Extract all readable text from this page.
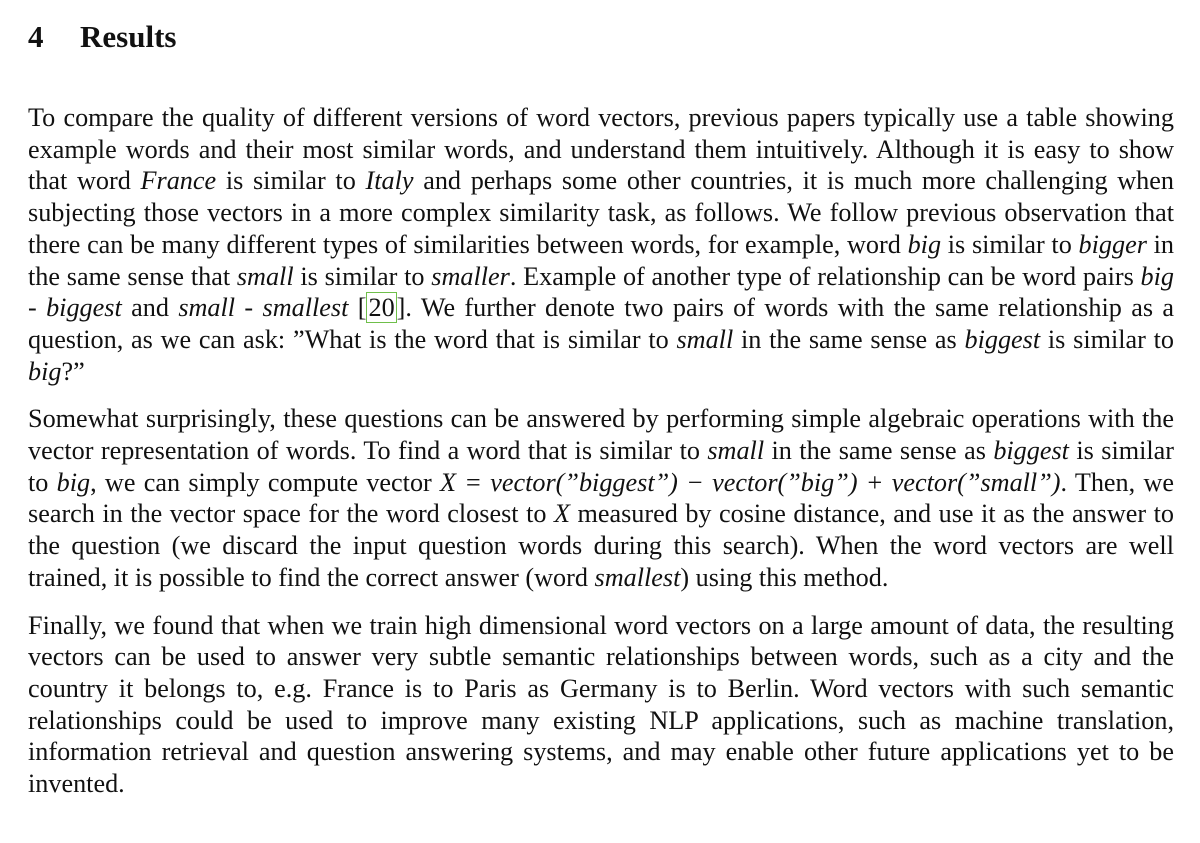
4	Results

To compare the quality of different versions of word vectors, previous papers typically use a table showing example words and their most similar words, and understand them intuitively. Although it is easy to show that word France is similar to Italy and perhaps some other countries, it is much more challenging when subjecting those vectors in a more complex similarity task, as follows. We follow previous observation that there can be many different types of similarities between words, for example, word big is similar to bigger in the same sense that small is similar to smaller. Example of another type of relationship can be word pairs big - biggest and small - smallest [20]. We further denote two pairs of words with the same relationship as a question, as we can ask: ”What is the word that is similar to small in the same sense as biggest is similar to big?”

Somewhat surprisingly, these questions can be answered by performing simple algebraic operations with the vector representation of words. To find a word that is similar to small in the same sense as biggest is similar to big, we can simply compute vector X = vector(”biggest”) − vector(”big”) + vector(”small”). Then, we search in the vector space for the word closest to X measured by cosine distance, and use it as the answer to the question (we discard the input question words during this search). When the word vectors are well trained, it is possible to find the correct answer (word smallest) using this method.

Finally, we found that when we train high dimensional word vectors on a large amount of data, the resulting vectors can be used to answer very subtle semantic relationships between words, such as a city and the country it belongs to, e.g. France is to Paris as Germany is to Berlin. Word vectors with such semantic relationships could be used to improve many existing NLP applications, such as machine translation, information retrieval and question answering systems, and may enable other future applications yet to be invented.
